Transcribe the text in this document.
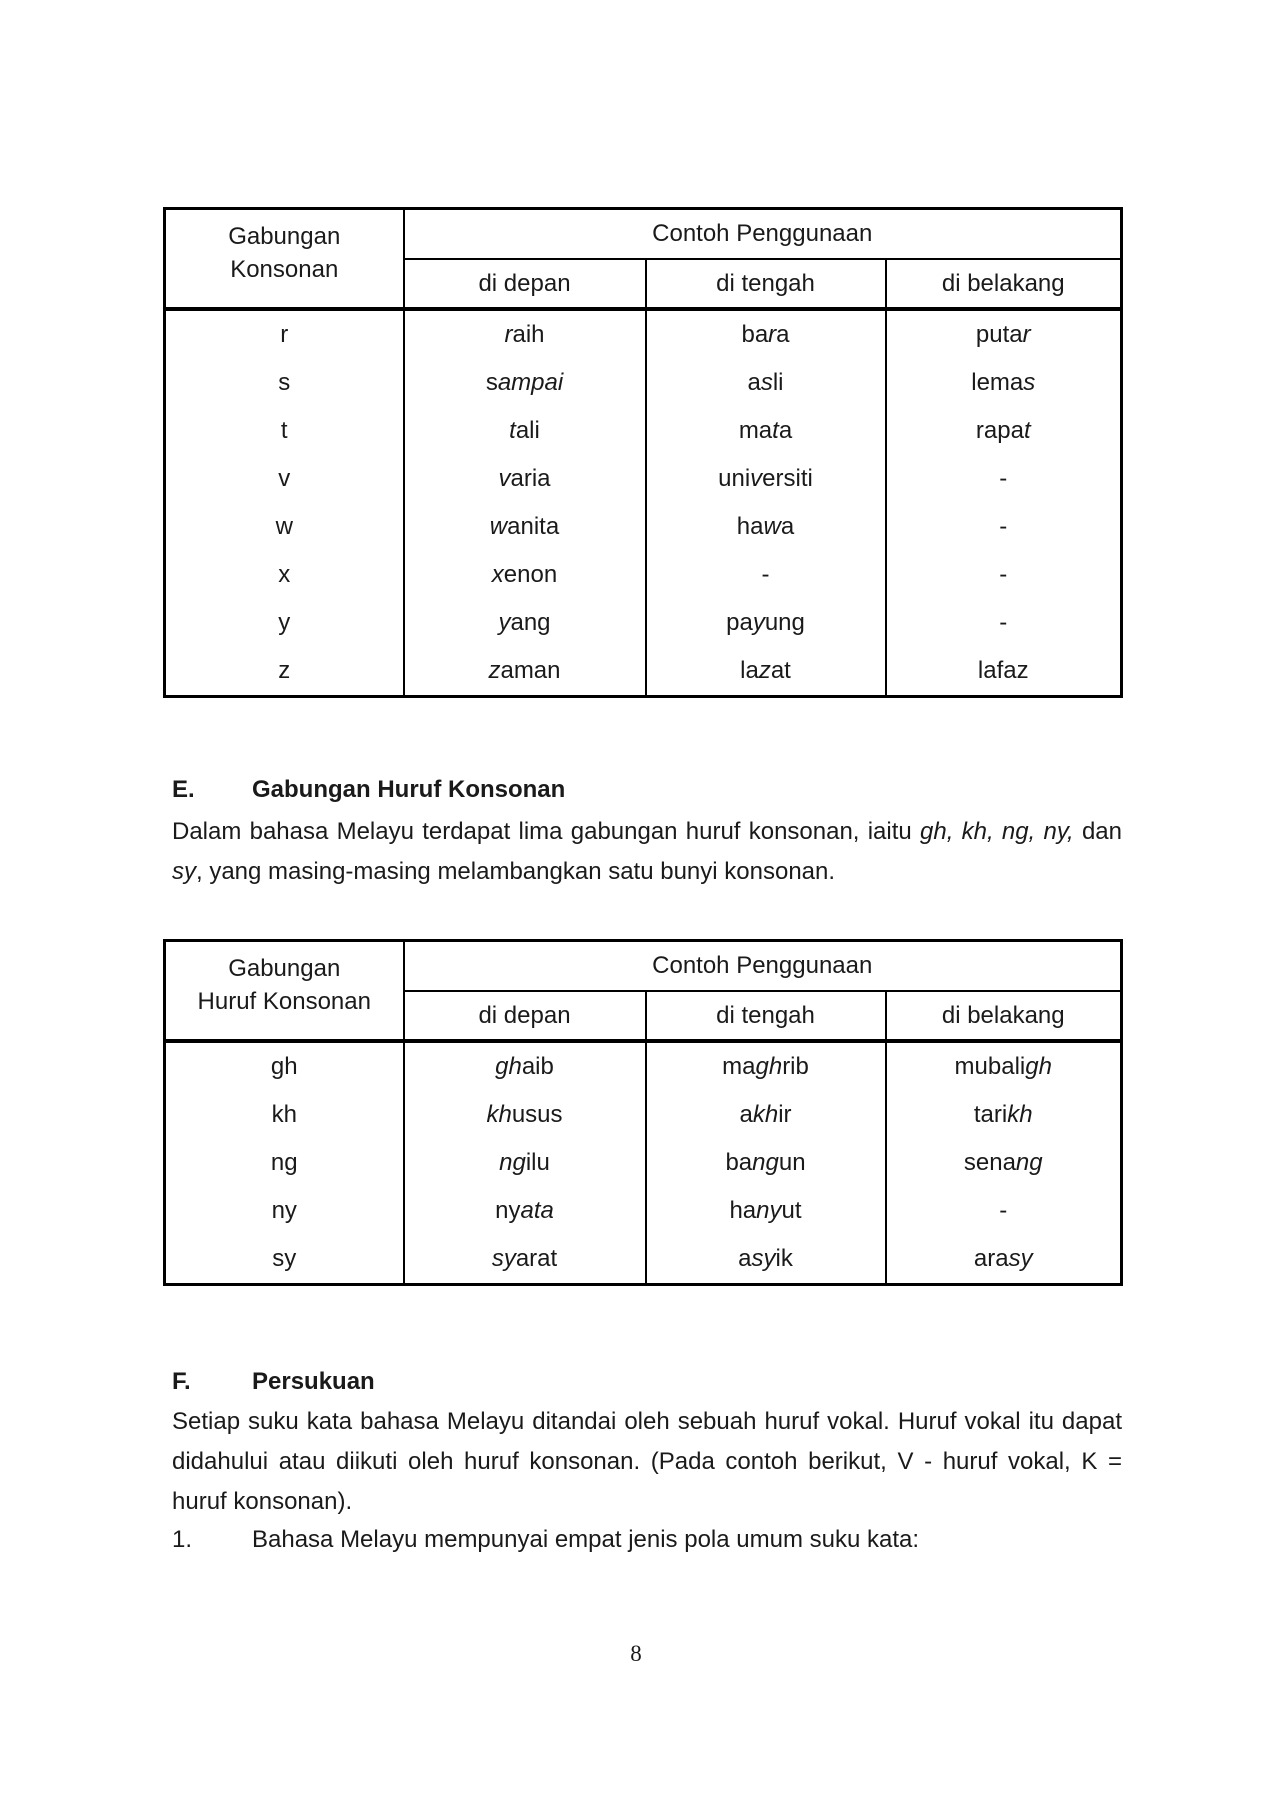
Gabungan
Konsonan	Contoh Penggunaan		
	di depan	di tengah	di belakang
r	raih	bara	putar
s	sampai	asli	lemas
t	tali	mata	rapat
v	varia	universiti	-
w	wanita	hawa	-
x	xenon	-	-
y	yang	payung	-
z	zaman	lazat	lafaz
E. Gabungan Huruf Konsonan
Dalam bahasa Melayu terdapat lima gabungan huruf konsonan, iaitu gh, kh, ng, ny, dan
sy, yang masing-masing melambangkan satu bunyi konsonan.
Gabungan
Huruf Konsonan	Contoh Penggunaan		
	di depan	di tengah	di belakang
gh	ghaib	maghrib	mubaligh
kh	khusus	akhir	tarikh
ng	ngilu	bangun	senang
ny	nyata	hanyut	-
sy	syarat	asyik	arasy
F.	Persukuan
Setiap suku kata bahasa Melayu ditandai oleh sebuah huruf vokal. Huruf vokal itu dapat
didahului atau diikuti oleh huruf konsonan. (Pada contoh berikut, V - huruf vokal, K =
huruf konsonan).
1. Bahasa Melayu mempunyai empat jenis pola umum suku kata:
8
